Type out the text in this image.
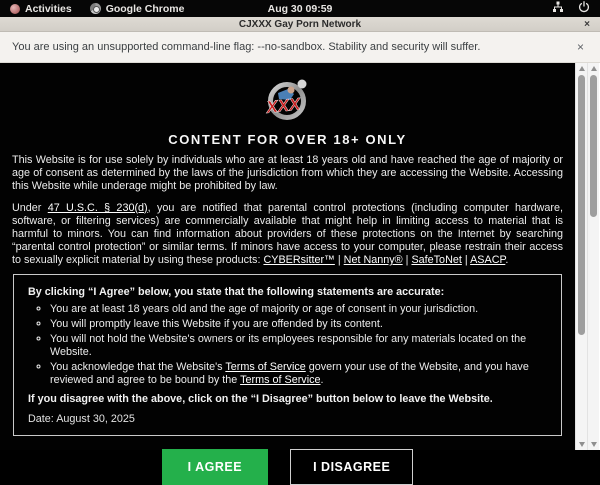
Activities	Google Chrome	Aug 30 09:59
CJXXX Gay Porn Network	×
You are using an unsupported command-line flag: --no-sandbox. Stability and security will suffer.	×
XXX
CONTENT FOR OVER 18+ ONLY

This Website is for use solely by individuals who are at least 18 years old and have reached the age of majority or age of consent as determined by the laws of the jurisdiction from which they are accessing the Website. Accessing this Website while underage might be prohibited by law.

Under 47 U.S.C. § 230(d), you are notified that parental control protections (including computer hardware, software, or filtering services) are commercially available that might help in limiting access to material that is harmful to minors. You can find information about providers of these protections on the Internet by searching “parental control protection” or similar terms. If minors have access to your computer, please restrain their access to sexually explicit material by using these products: CYBERsitter™ | Net Nanny® | SafeToNet | ASACP.

By clicking “I Agree” below, you state that the following statements are accurate:
◦ You are at least 18 years old and the age of majority or age of consent in your jurisdiction.
◦ You will promptly leave this Website if you are offended by its content.
◦ You will not hold the Website's owners or its employees responsible for any materials located on the Website.
◦ You acknowledge that the Website's Terms of Service govern your use of the Website, and you have reviewed and agree to be bound by the Terms of Service.
If you disagree with the above, click on the “I Disagree” button below to leave the Website.
Date: August 30, 2025
I AGREE	I DISAGREE
